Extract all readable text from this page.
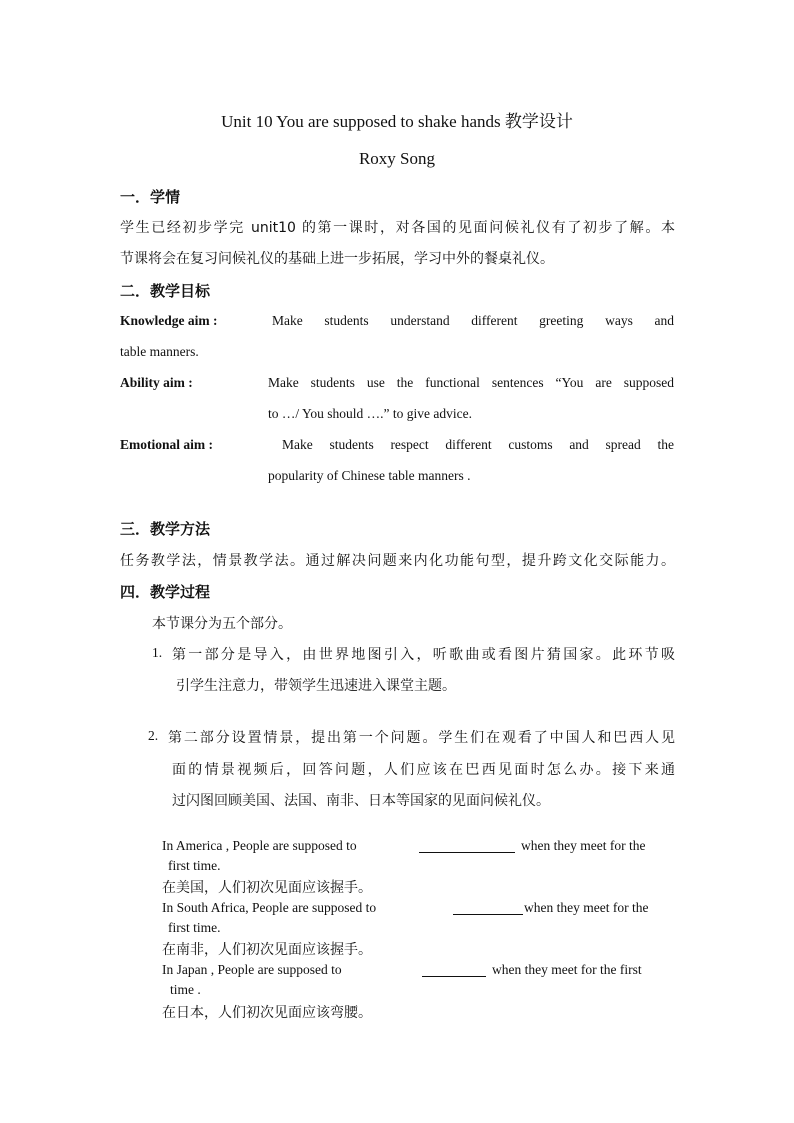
Unit 10 You are supposed to shake hands 教学设计
Roxy Song
一．学情
学生已经初步学完 unit10 的第一课时，对各国的见面问候礼仪有了初步了解。本
节课将会在复习问候礼仪的基础上进一步拓展，学习中外的餐桌礼仪。
二．教学目标
Knowledge aim :	Make students understand different greeting ways and
table manners.
Ability aim :	Make students use the functional sentences “You are supposed
to …/ You should ….” to give advice.
Emotional aim :	Make students respect different customs and spread the
popularity of Chinese table manners .
三．教学方法
任务教学法，情景教学法。通过解决问题来内化功能句型，提升跨文化交际能力。
四．教学过程
本节课分为五个部分。
1. 第一部分是导入，由世界地图引入，听歌曲或看图片猜国家。此环节吸
引学生注意力，带领学生迅速进入课堂主题。
2. 第二部分设置情景，提出第一个问题。学生们在观看了中国人和巴西人见
面的情景视频后，回答问题，人们应该在巴西见面时怎么办。接下来通
过闪图回顾美国、法国、南非、日本等国家的见面问候礼仪。
In America , People are supposed to	when they meet for the
first time.
在美国，人们初次见面应该握手。
In South Africa, People are supposed to	when they meet for the
first time.
在南非，人们初次见面应该握手。
In Japan , People are supposed to	when they meet for the first
time .
在日本，人们初次见面应该弯腰。
